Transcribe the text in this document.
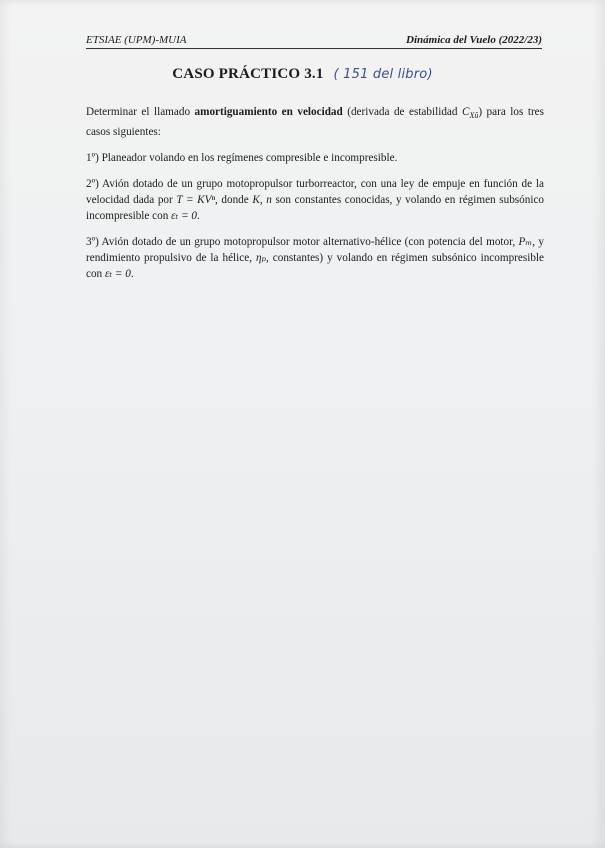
ETSIAE (UPM)-MUIA	Dinámica del Vuelo (2022/23)
CASO PRÁCTICO 3.1 ( 151 del libro)

Determinar el llamado amortiguamiento en velocidad (derivada de estabilidad $C_{Xû}$) para los tres casos siguientes:

1º) Planeador volando en los regímenes compresible e incompresible.

2º) Avión dotado de un grupo motopropulsor turborreactor, con una ley de empuje en función de la velocidad dada por T = KVⁿ, donde K, n son constantes conocidas, y volando en régimen subsónico incompresible con εₜ = 0.

3º) Avión dotado de un grupo motopropulsor motor alternativo-hélice (con potencia del motor, Pₘ, y rendimiento propulsivo de la hélice, ηₚ, constantes) y volando en régimen subsónico incompresible con εₜ = 0.
